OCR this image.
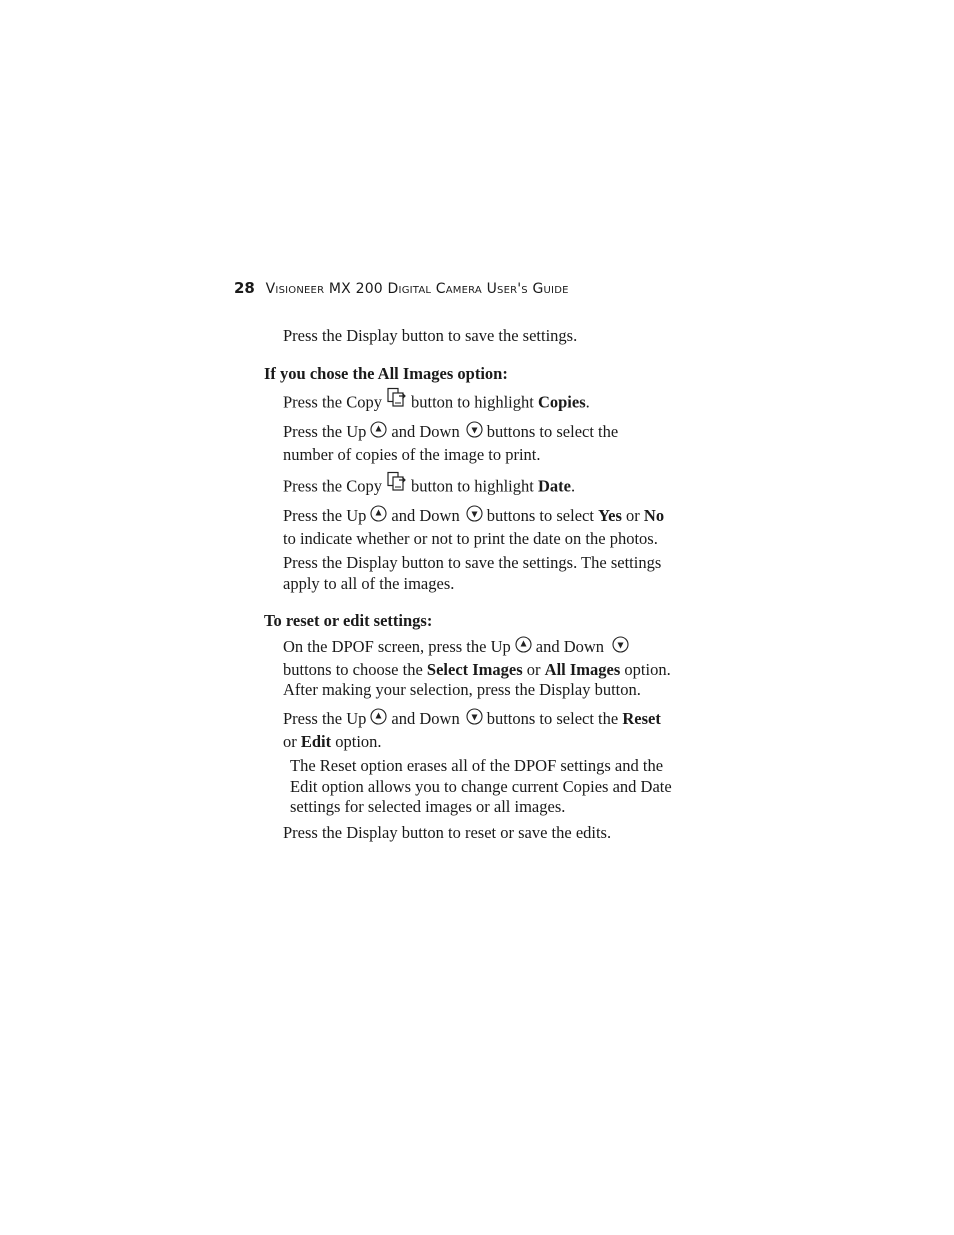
28 Visioneer MX 200 Digital Camera User's Guide
Press the Display button to save the settings.
If you chose the All Images option:
Press the Copy button to highlight Copies.
Press the Up and Down buttons to select the
number of copies of the image to print.
Press the Copy button to highlight Date.
Press the Up and Down buttons to select Yes or No
to indicate whether or not to print the date on the photos.
Press the Display button to save the settings. The settings
apply to all of the images.
To reset or edit settings:
On the DPOF screen, press the Up and Down
buttons to choose the Select Images or All Images option.
After making your selection, press the Display button.
Press the Up and Down buttons to select the Reset
or Edit option.
The Reset option erases all of the DPOF settings and the
Edit option allows you to change current Copies and Date
settings for selected images or all images.
Press the Display button to reset or save the edits.
